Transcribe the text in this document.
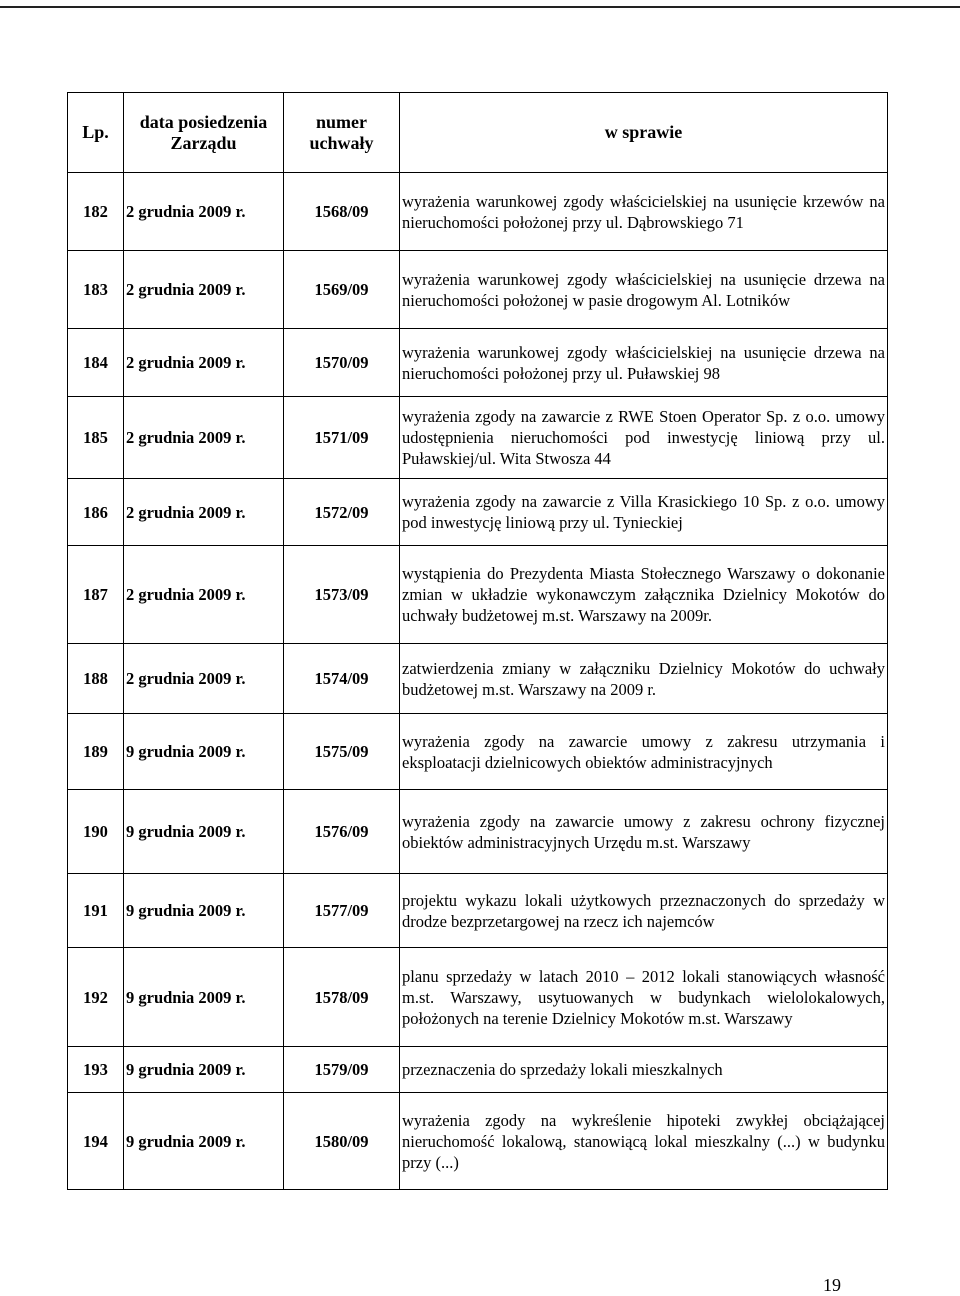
Lp.	data posiedzenia Zarządu	numer uchwały	w sprawie
182	2 grudnia 2009 r.	1568/09	wyrażenia warunkowej zgody właścicielskiej na usunięcie krzewów na nieruchomości położonej przy ul. Dąbrowskiego 71
183	2 grudnia 2009 r.	1569/09	wyrażenia warunkowej zgody właścicielskiej na usunięcie drzewa na nieruchomości położonej w pasie drogowym Al. Lotników
184	2 grudnia 2009 r.	1570/09	wyrażenia warunkowej zgody właścicielskiej na usunięcie drzewa na nieruchomości położonej przy ul. Puławskiej 98
185	2 grudnia 2009 r.	1571/09	wyrażenia zgody na zawarcie z RWE Stoen Operator Sp. z o.o. umowy udostępnienia nieruchomości pod inwestycję liniową przy ul. Puławskiej/ul. Wita Stwosza 44
186	2 grudnia 2009 r.	1572/09	wyrażenia zgody na zawarcie z Villa Krasickiego 10 Sp. z o.o. umowy pod inwestycję liniową przy ul. Tynieckiej
187	2 grudnia 2009 r.	1573/09	wystąpienia do Prezydenta Miasta Stołecznego Warszawy o dokonanie zmian w układzie wykonawczym załącznika Dzielnicy Mokotów do uchwały budżetowej m.st. Warszawy na 2009r.
188	2 grudnia 2009 r.	1574/09	zatwierdzenia zmiany w załączniku Dzielnicy Mokotów do uchwały budżetowej m.st. Warszawy na 2009 r.
189	9 grudnia 2009 r.	1575/09	wyrażenia zgody na zawarcie umowy z zakresu utrzymania i eksploatacji dzielnicowych obiektów administracyjnych
190	9 grudnia 2009 r.	1576/09	wyrażenia zgody na zawarcie umowy z zakresu ochrony fizycznej obiektów administracyjnych Urzędu m.st. Warszawy
191	9 grudnia 2009 r.	1577/09	projektu wykazu lokali użytkowych przeznaczonych do sprzedaży w drodze bezprzetargowej na rzecz ich najemców
192	9 grudnia 2009 r.	1578/09	planu sprzedaży w latach 2010 – 2012 lokali stanowiących własność m.st. Warszawy, usytuowanych w budynkach wielolokalowych, położonych na terenie Dzielnicy Mokotów m.st. Warszawy
193	9 grudnia 2009 r.	1579/09	przeznaczenia do sprzedaży lokali mieszkalnych
194	9 grudnia 2009 r.	1580/09	wyrażenia zgody na wykreślenie hipoteki zwykłej obciążającej nieruchomość lokalową, stanowiącą lokal mieszkalny (...) w budynku przy (...)
19
